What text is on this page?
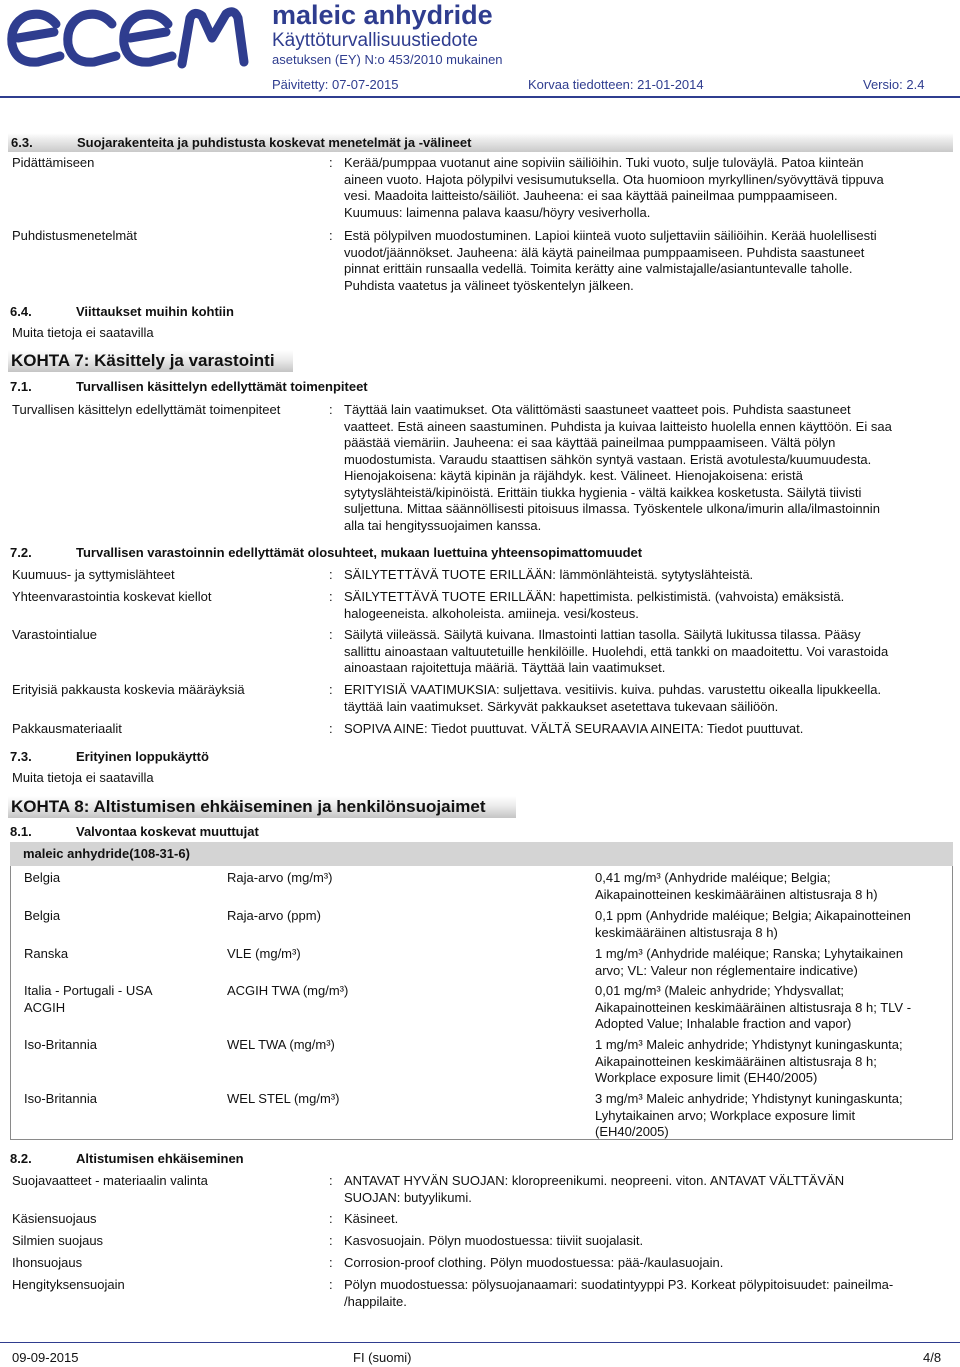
maleic anhydride
Käyttöturvallisuustiedote
asetuksen (EY) N:o 453/2010 mukainen
Päivitetty: 07-07-2015	Korvaa tiedotteen: 21-01-2014	Versio: 2.4
6.3.	Suojarakenteita ja puhdistusta koskevat menetelmät ja -välineet
Pidättämiseen	: Kerää/pumppaa vuotanut aine sopiviin säiliöihin. Tuki vuoto, sulje tuloväylä. Patoa kiinteän
aineen vuoto. Hajota pölypilvi vesisumutuksella. Ota huomioon myrkyllinen/syövyttävä tippuva
vesi. Maadoita laitteisto/säiliöt. Jauheena: ei saa käyttää paineilmaa pumppaamiseen.
Kuumuus: laimenna palava kaasu/höyry vesiverholla.
Puhdistusmenetelmät	: Estä pölypilven muodostuminen. Lapioi kiinteä vuoto suljettaviin säiliöihin. Kerää huolellisesti
vuodot/jäännökset. Jauheena: älä käytä paineilmaa pumppaamiseen. Puhdista saastuneet
pinnat erittäin runsaalla vedellä. Toimita kerätty aine valmistajalle/asiantuntevalle taholle.
Puhdista vaatetus ja välineet työskentelyn jälkeen.
6.4.	Viittaukset muihin kohtiin
Muita tietoja ei saatavilla
KOHTA 7: Käsittely ja varastointi
7.1.	Turvallisen käsittelyn edellyttämät toimenpiteet
Turvallisen käsittelyn edellyttämät toimenpiteet	: Täyttää lain vaatimukset. Ota välittömästi saastuneet vaatteet pois. Puhdista saastuneet
vaatteet. Estä aineen saastuminen. Puhdista ja kuivaa laitteisto huolella ennen käyttöön. Ei saa
päästää viemäriin. Jauheena: ei saa käyttää paineilmaa pumppaamiseen. Vältä pölyn
muodostumista. Varaudu staattisen sähkön syntyä vastaan. Eristä avotulesta/kuumuudesta.
Hienojakoisena: käytä kipinän ja räjähdyk. kest. Välineet. Hienojakoisena: eristä
sytytyslähteistä/kipinöistä. Erittäin tiukka hygienia - vältä kaikkea kosketusta. Säilytä tiivisti
suljettuna. Mittaa säännöllisesti pitoisuus ilmassa. Työskentele ulkona/imurin alla/ilmastoinnin
alla tai hengityssuojaimen kanssa.
7.2.	Turvallisen varastoinnin edellyttämät olosuhteet, mukaan luettuina yhteensopimattomuudet
Kuumuus- ja syttymislähteet	: SÄILYTETTÄVÄ TUOTE ERILLÄÄN: lämmönlähteistä. sytytyslähteistä.
Yhteenvarastointia koskevat kiellot	: SÄILYTETTÄVÄ TUOTE ERILLÄÄN: hapettimista. pelkistimistä. (vahvoista) emäksistä.
halogeeneista. alkoholeista. amiineja. vesi/kosteus.
Varastointialue	: Säilytä viileässä. Säilytä kuivana. Ilmastointi lattian tasolla. Säilytä lukitussa tilassa. Pääsy
sallittu ainoastaan valtuutetuille henkilöille. Huolehdi, että tankki on maadoitettu. Voi varastoida
ainoastaan rajoitettuja määriä. Täyttää lain vaatimukset.
Erityisiä pakkausta koskevia määräyksiä	: ERITYISIÄ VAATIMUKSIA: suljettava. vesitiivis. kuiva. puhdas. varustettu oikealla lipukkeella.
täyttää lain vaatimukset. Särkyvät pakkaukset asetettava tukevaan säiliöön.
Pakkausmateriaalit	: SOPIVA AINE: Tiedot puuttuvat. VÄLTÄ SEURAAVIA AINEITA: Tiedot puuttuvat.
7.3.	Erityinen loppukäyttö
Muita tietoja ei saatavilla
KOHTA 8: Altistumisen ehkäiseminen ja henkilönsuojaimet
8.1.	Valvontaa koskevat muuttujat
maleic anhydride(108-31-6)
Belgia	Raja-arvo (mg/m³)	0,41 mg/m³ (Anhydride maléique; Belgia;
Aikapainotteinen keskimääräinen altistusraja 8 h)
Belgia	Raja-arvo (ppm)	0,1 ppm (Anhydride maléique; Belgia; Aikapainotteinen
keskimääräinen altistusraja 8 h)
Ranska	VLE (mg/m³)	1 mg/m³ (Anhydride maléique; Ranska; Lyhytaikainen
arvo; VL: Valeur non réglementaire indicative)
Italia - Portugali - USA
ACGIH
ACGIH TWA (mg/m³)	0,01 mg/m³ (Maleic anhydride; Yhdysvallat;
Aikapainotteinen keskimääräinen altistusraja 8 h; TLV -
Adopted Value; Inhalable fraction and vapor)
Iso-Britannia	WEL TWA (mg/m³)	1 mg/m³ Maleic anhydride; Yhdistynyt kuningaskunta;
Aikapainotteinen keskimääräinen altistusraja 8 h;
Workplace exposure limit (EH40/2005)
Iso-Britannia	WEL STEL (mg/m³)	3 mg/m³ Maleic anhydride; Yhdistynyt kuningaskunta;
Lyhytaikainen arvo; Workplace exposure limit
(EH40/2005)
8.2.	Altistumisen ehkäiseminen
Suojavaatteet - materiaalin valinta	: ANTAVAT HYVÄN SUOJAN: kloropreenikumi. neopreeni. viton. ANTAVAT VÄLTTÄVÄN
SUOJAN: butyylikumi.
Käsiensuojaus	: Käsineet.
Silmien suojaus	: Kasvosuojain. Pölyn muodostuessa: tiiviit suojalasit.
Ihonsuojaus	: Corrosion-proof clothing. Pölyn muodostuessa: pää-/kaulasuojain.
Hengityksensuojain	: Pölyn muodostuessa: pölysuojanaamari: suodatintyyppi P3. Korkeat pölypitoisuudet: paineilma-
/happilaite.
09-09-2015	FI (suomi)	4/8
